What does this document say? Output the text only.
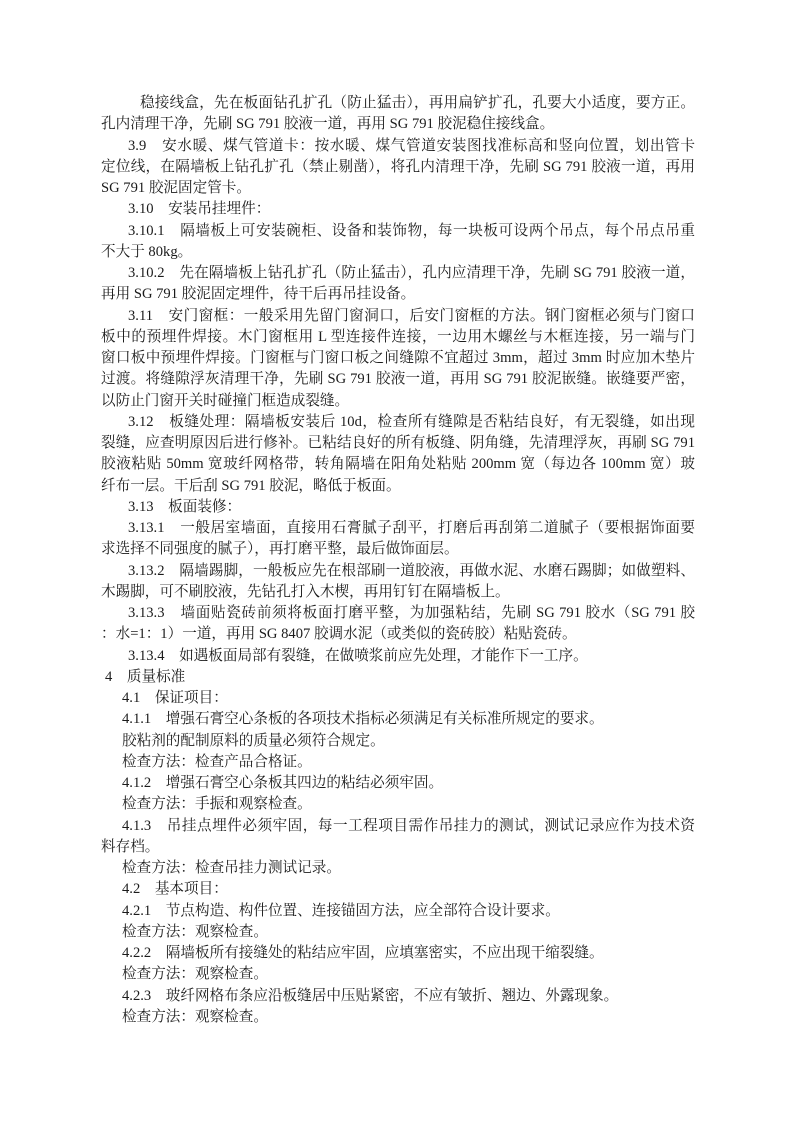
稳接线盒，先在板面钻孔扩孔（防止猛击），再用扁铲扩孔，孔要大小适度，要方正。
孔内清理干净，先刷 SG 791 胶液一道，再用 SG 791 胶泥稳住接线盒。
3.9　安水暖、煤气管道卡：按水暖、煤气管道安装图找准标高和竖向位置，划出管卡
定位线，在隔墙板上钻孔扩孔（禁止剔凿），将孔内清理干净，先刷 SG 791 胶液一道，再用
SG 791 胶泥固定管卡。
3.10　安装吊挂埋件：
3.10.1　隔墙板上可安装碗柜、设备和装饰物，每一块板可设两个吊点，每个吊点吊重
不大于 80kg。
3.10.2　先在隔墙板上钻孔扩孔（防止猛击），孔内应清理干净，先刷 SG 791 胶液一道，
再用 SG 791 胶泥固定埋件，待干后再吊挂设备。
3.11　安门窗框：一般采用先留门窗洞口，后安门窗框的方法。钢门窗框必须与门窗口
板中的预埋件焊接。木门窗框用 L 型连接件连接，一边用木螺丝与木框连接，另一端与门
窗口板中预埋件焊接。门窗框与门窗口板之间缝隙不宜超过 3mm，超过 3mm 时应加木垫片
过渡。将缝隙浮灰清理干净，先刷 SG 791 胶液一道，再用 SG 791 胶泥嵌缝。嵌缝要严密，
以防止门窗开关时碰撞门框造成裂缝。
3.12　板缝处理：隔墙板安装后 10d，检查所有缝隙是否粘结良好，有无裂缝，如出现
裂缝，应查明原因后进行修补。已粘结良好的所有板缝、阴角缝，先清理浮灰，再刷 SG 791
胶液粘贴 50mm 宽玻纤网格带，转角隔墙在阳角处粘贴 200mm 宽（每边各 100mm 宽）玻
纤布一层。干后刮 SG 791 胶泥，略低于板面。
3.13　板面装修：
3.13.1　一般居室墙面，直接用石膏腻子刮平，打磨后再刮第二道腻子（要根据饰面要
求选择不同强度的腻子），再打磨平整，最后做饰面层。
3.13.2　隔墙踢脚，一般板应先在根部刷一道胶液，再做水泥、水磨石踢脚；如做塑料、
木踢脚，可不刷胶液，先钻孔打入木楔，再用钉钉在隔墙板上。
3.13.3　墙面贴瓷砖前须将板面打磨平整，为加强粘结，先刷 SG 791 胶水（SG 791 胶
：水=1：1）一道，再用 SG 8407 胶调水泥（或类似的瓷砖胶）粘贴瓷砖。
3.13.4　如遇板面局部有裂缝，在做喷浆前应先处理，才能作下一工序。
4　质量标准
4.1　保证项目：
4.1.1　增强石膏空心条板的各项技术指标必须满足有关标准所规定的要求。
胶粘剂的配制原料的质量必须符合规定。
检查方法：检查产品合格证。
4.1.2　增强石膏空心条板其四边的粘结必须牢固。
检查方法：手振和观察检查。
4.1.3　吊挂点埋件必须牢固，每一工程项目需作吊挂力的测试，测试记录应作为技术资
料存档。
检查方法：检查吊挂力测试记录。
4.2　基本项目：
4.2.1　节点构造、构件位置、连接锚固方法，应全部符合设计要求。
检查方法：观察检查。
4.2.2　隔墙板所有接缝处的粘结应牢固，应填塞密实，不应出现干缩裂缝。
检查方法：观察检查。
4.2.3　玻纤网格布条应沿板缝居中压贴紧密，不应有皱折、翘边、外露现象。
检查方法：观察检查。
